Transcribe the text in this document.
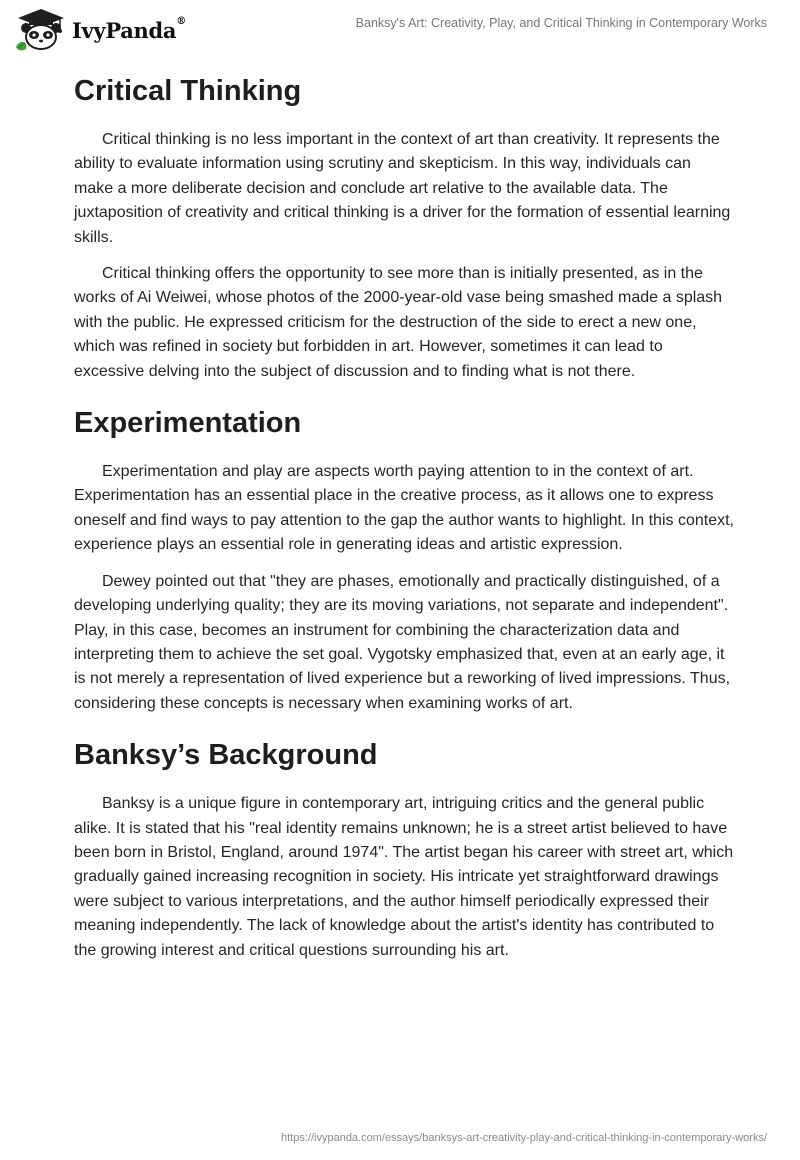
IvyPanda®	Banksy's Art: Creativity, Play, and Critical Thinking in Contemporary Works
Critical Thinking

Critical thinking is no less important in the context of art than creativity. It represents the ability to evaluate information using scrutiny and skepticism. In this way, individuals can make a more deliberate decision and conclude art relative to the available data. The juxtaposition of creativity and critical thinking is a driver for the formation of essential learning skills.

Critical thinking offers the opportunity to see more than is initially presented, as in the works of Ai Weiwei, whose photos of the 2000-year-old vase being smashed made a splash with the public. He expressed criticism for the destruction of the side to erect a new one, which was refined in society but forbidden in art. However, sometimes it can lead to excessive delving into the subject of discussion and to finding what is not there.

Experimentation

Experimentation and play are aspects worth paying attention to in the context of art. Experimentation has an essential place in the creative process, as it allows one to express oneself and find ways to pay attention to the gap the author wants to highlight. In this context, experience plays an essential role in generating ideas and artistic expression.

Dewey pointed out that "they are phases, emotionally and practically distinguished, of a developing underlying quality; they are its moving variations, not separate and independent". Play, in this case, becomes an instrument for combining the characterization data and interpreting them to achieve the set goal. Vygotsky emphasized that, even at an early age, it is not merely a representation of lived experience but a reworking of lived impressions. Thus, considering these concepts is necessary when examining works of art.

Banksy’s Background

Banksy is a unique figure in contemporary art, intriguing critics and the general public alike. It is stated that his "real identity remains unknown; he is a street artist believed to have been born in Bristol, England, around 1974". The artist began his career with street art, which gradually gained increasing recognition in society. His intricate yet straightforward drawings were subject to various interpretations, and the author himself periodically expressed their meaning independently. The lack of knowledge about the artist's identity has contributed to the growing interest and critical questions surrounding his art.

https://ivypanda.com/essays/banksys-art-creativity-play-and-critical-thinking-in-contemporary-works/
